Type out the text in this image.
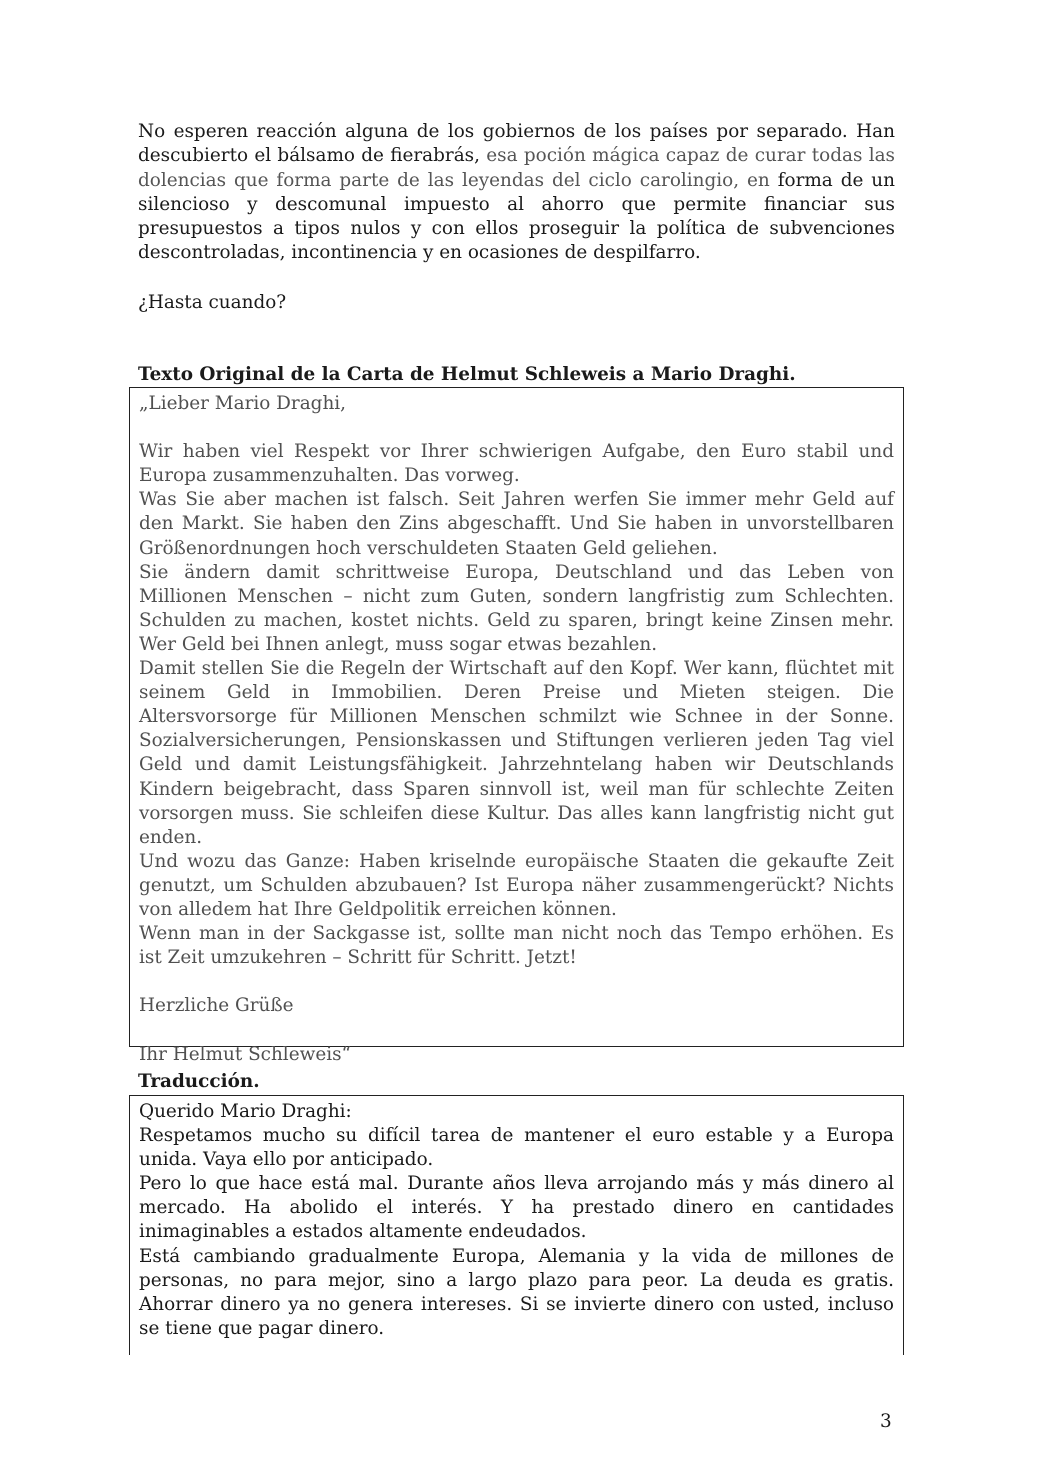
No esperen reacción alguna de los gobiernos de los países por separado. Han descubierto el bálsamo de fierabrás, esa poción mágica capaz de curar todas las dolencias que forma parte de las leyendas del ciclo carolingio, en forma de un silencioso y descomunal impuesto al ahorro que permite financiar sus presupuestos a tipos nulos y con ellos proseguir la política de subvenciones descontroladas, incontinencia y en ocasiones de despilfarro.

¿Hasta cuando?

Texto Original de la Carta de Helmut Schleweis a Mario Draghi.

„Lieber Mario Draghi,

Wir haben viel Respekt vor Ihrer schwierigen Aufgabe, den Euro stabil und Europa zusammenzuhalten. Das vorweg.

Was Sie aber machen ist falsch. Seit Jahren werfen Sie immer mehr Geld auf den Markt. Sie haben den Zins abgeschafft. Und Sie haben in unvorstellbaren Größenordnungen hoch verschuldeten Staaten Geld geliehen.

Sie ändern damit schrittweise Europa, Deutschland und das Leben von Millionen Menschen – nicht zum Guten, sondern langfristig zum Schlechten. Schulden zu machen, kostet nichts. Geld zu sparen, bringt keine Zinsen mehr. Wer Geld bei Ihnen anlegt, muss sogar etwas bezahlen.

Damit stellen Sie die Regeln der Wirtschaft auf den Kopf. Wer kann, flüchtet mit seinem Geld in Immobilien. Deren Preise und Mieten steigen. Die Altersvorsorge für Millionen Menschen schmilzt wie Schnee in der Sonne. Sozialversicherungen, Pensionskassen und Stiftungen verlieren jeden Tag viel Geld und damit Leistungsfähigkeit. Jahrzehntelang haben wir Deutschlands Kindern beigebracht, dass Sparen sinnvoll ist, weil man für schlechte Zeiten vorsorgen muss. Sie schleifen diese Kultur. Das alles kann langfristig nicht gut enden.

Und wozu das Ganze: Haben kriselnde europäische Staaten die gekaufte Zeit genutzt, um Schulden abzubauen? Ist Europa näher zusammengerückt? Nichts von alledem hat Ihre Geldpolitik erreichen können.

Wenn man in der Sackgasse ist, sollte man nicht noch das Tempo erhöhen. Es ist Zeit umzukehren – Schritt für Schritt. Jetzt!

Herzliche Grüße

Ihr Helmut Schleweis“

Traducción.

Querido Mario Draghi:

Respetamos mucho su difícil tarea de mantener el euro estable y a Europa unida. Vaya ello por anticipado.

Pero lo que hace está mal. Durante años lleva arrojando más y más dinero al mercado. Ha abolido el interés. Y ha prestado dinero en cantidades inimaginables a estados altamente endeudados.

Está cambiando gradualmente Europa, Alemania y la vida de millones de personas, no para mejor, sino a largo plazo para peor. La deuda es gratis. Ahorrar dinero ya no genera intereses. Si se invierte dinero con usted, incluso se tiene que pagar dinero.

3
